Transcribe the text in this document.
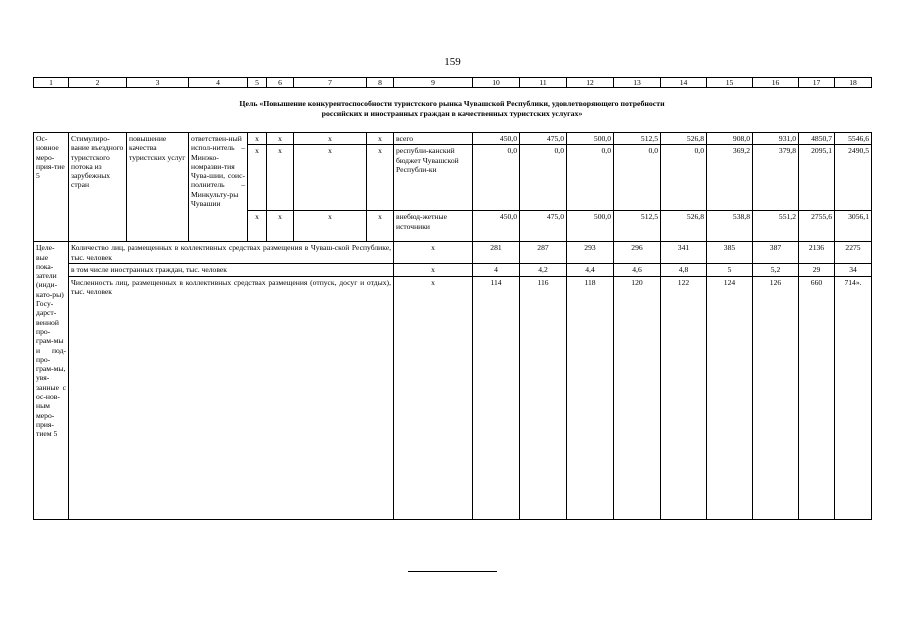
159
1	2	3	4	5	6	7	8	9	10	11	12	13	14	15	16	17	18
Цель «Повышение конкурентоспособности туристского рынка Чувашской Республики, удовлетворяющего потребности
российских и иностранных граждан в качественных туристских услугах»
Ос-новное меро-прия-тие 5	Стимулиро-вание въездного туристского потока из зарубежных стран	повышение качества туристских услуг	ответствен-ный испол-нитель – Минэко-номразви-тия Чува-шии, соис-полнитель – Минкульту-ры Чувашии	x	x	x	x	всего	450,0	475,0	500,0	512,5	526,8	908,0	931,0	4850,7	5546,6
				x	x	x	x	республи-канский бюджет Чувашской Республи-ки	0,0	0,0	0,0	0,0	0,0	369,2	379,8	2095,1	2490,5
				x	x	x	x	внебюд-жетные источники	450,0	475,0	500,0	512,5	526,8	538,8	551,2	2755,6	3056,1
Целе-вые пока-затели (инди-като-ры) Госу-дарст-венной про-грам-мы и под-про-грам-мы, увя-занные с ос-нов-ным меро-прия-тием 5	Количество лиц, размещенных в коллективных средствах размещения в Чуваш-ской Республике, тыс. человек							x	281	287	293	296	341	385	387	2136	2275
	в том числе иностранных граждан, тыс. человек							x	4	4,2	4,4	4,6	4,8	5	5,2	29	34
	Численность лиц, размещенных в коллективных средствах размещения (отпуск, досуг и отдых), тыс. человек							x	114	116	118	120	122	124	126	660	714».
